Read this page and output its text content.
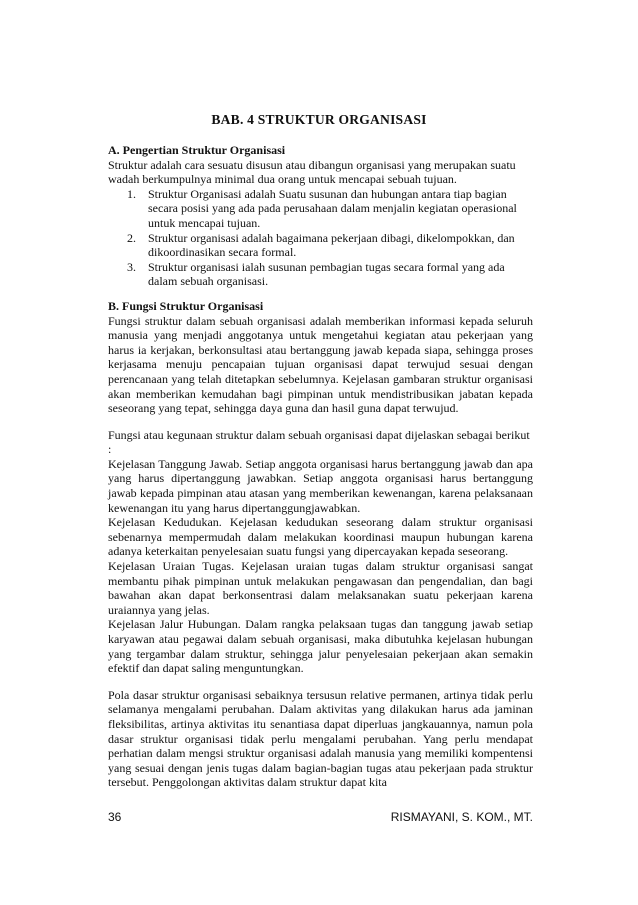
BAB. 4 STRUKTUR ORGANISASI

A. Pengertian Struktur Organisasi

Struktur adalah cara sesuatu disusun atau dibangun organisasi yang merupakan suatu wadah berkumpulnya minimal dua orang untuk mencapai sebuah tujuan.

1.	Struktur Organisasi adalah Suatu susunan dan hubungan antara tiap bagian secara posisi yang ada pada perusahaan dalam menjalin kegiatan operasional untuk mencapai tujuan.
2.	Struktur organisasi adalah bagaimana pekerjaan dibagi, dikelompokkan, dan dikoordinasikan secara formal.
3.	Struktur organisasi ialah susunan pembagian tugas secara formal yang ada dalam sebuah organisasi.

B. Fungsi Struktur Organisasi

Fungsi struktur dalam sebuah organisasi adalah memberikan informasi kepada seluruh manusia yang menjadi anggotanya untuk mengetahui kegiatan atau pekerjaan yang harus ia kerjakan, berkonsultasi atau bertanggung jawab kepada siapa, sehingga proses kerjasama menuju pencapaian tujuan organisasi dapat terwujud sesuai dengan perencanaan yang telah ditetapkan sebelumnya. Kejelasan gambaran struktur organisasi akan memberikan kemudahan bagi pimpinan untuk mendistribusikan jabatan kepada seseorang yang tepat, sehingga daya guna dan hasil guna dapat terwujud.

Fungsi atau kegunaan struktur dalam sebuah organisasi dapat dijelaskan sebagai berikut :

Kejelasan Tanggung Jawab. Setiap anggota organisasi harus bertanggung jawab dan apa yang harus dipertanggung jawabkan. Setiap anggota organisasi harus bertanggung jawab kepada pimpinan atau atasan yang memberikan kewenangan, karena pelaksanaan kewenangan itu yang harus dipertanggungjawabkan.

Kejelasan Kedudukan. Kejelasan kedudukan seseorang dalam struktur organisasi sebenarnya mempermudah dalam melakukan koordinasi maupun hubungan karena adanya keterkaitan penyelesaian suatu fungsi yang dipercayakan kepada seseorang.

Kejelasan Uraian Tugas. Kejelasan uraian tugas dalam struktur organisasi sangat membantu pihak pimpinan untuk melakukan pengawasan dan pengendalian, dan bagi bawahan akan dapat berkonsentrasi dalam melaksanakan suatu pekerjaan karena uraiannya yang jelas.

Kejelasan Jalur Hubungan. Dalam rangka pelaksaan tugas dan tanggung jawab setiap karyawan atau pegawai dalam sebuah organisasi, maka dibutuhka kejelasan hubungan yang tergambar dalam struktur, sehingga jalur penyelesaian pekerjaan akan semakin efektif dan dapat saling menguntungkan.

Pola dasar struktur organisasi sebaiknya tersusun relative permanen, artinya tidak perlu selamanya mengalami perubahan. Dalam aktivitas yang dilakukan harus ada jaminan fleksibilitas, artinya aktivitas itu senantiasa dapat diperluas jangkauannya, namun pola dasar struktur organisasi tidak perlu mengalami perubahan. Yang perlu mendapat perhatian dalam mengsi struktur organisasi adalah manusia yang memiliki kompentensi yang sesuai dengan jenis tugas dalam bagian-bagian tugas atau pekerjaan pada struktur tersebut. Penggolongan aktivitas dalam struktur dapat kita

36	RISMAYANI, S. KOM., MT.
